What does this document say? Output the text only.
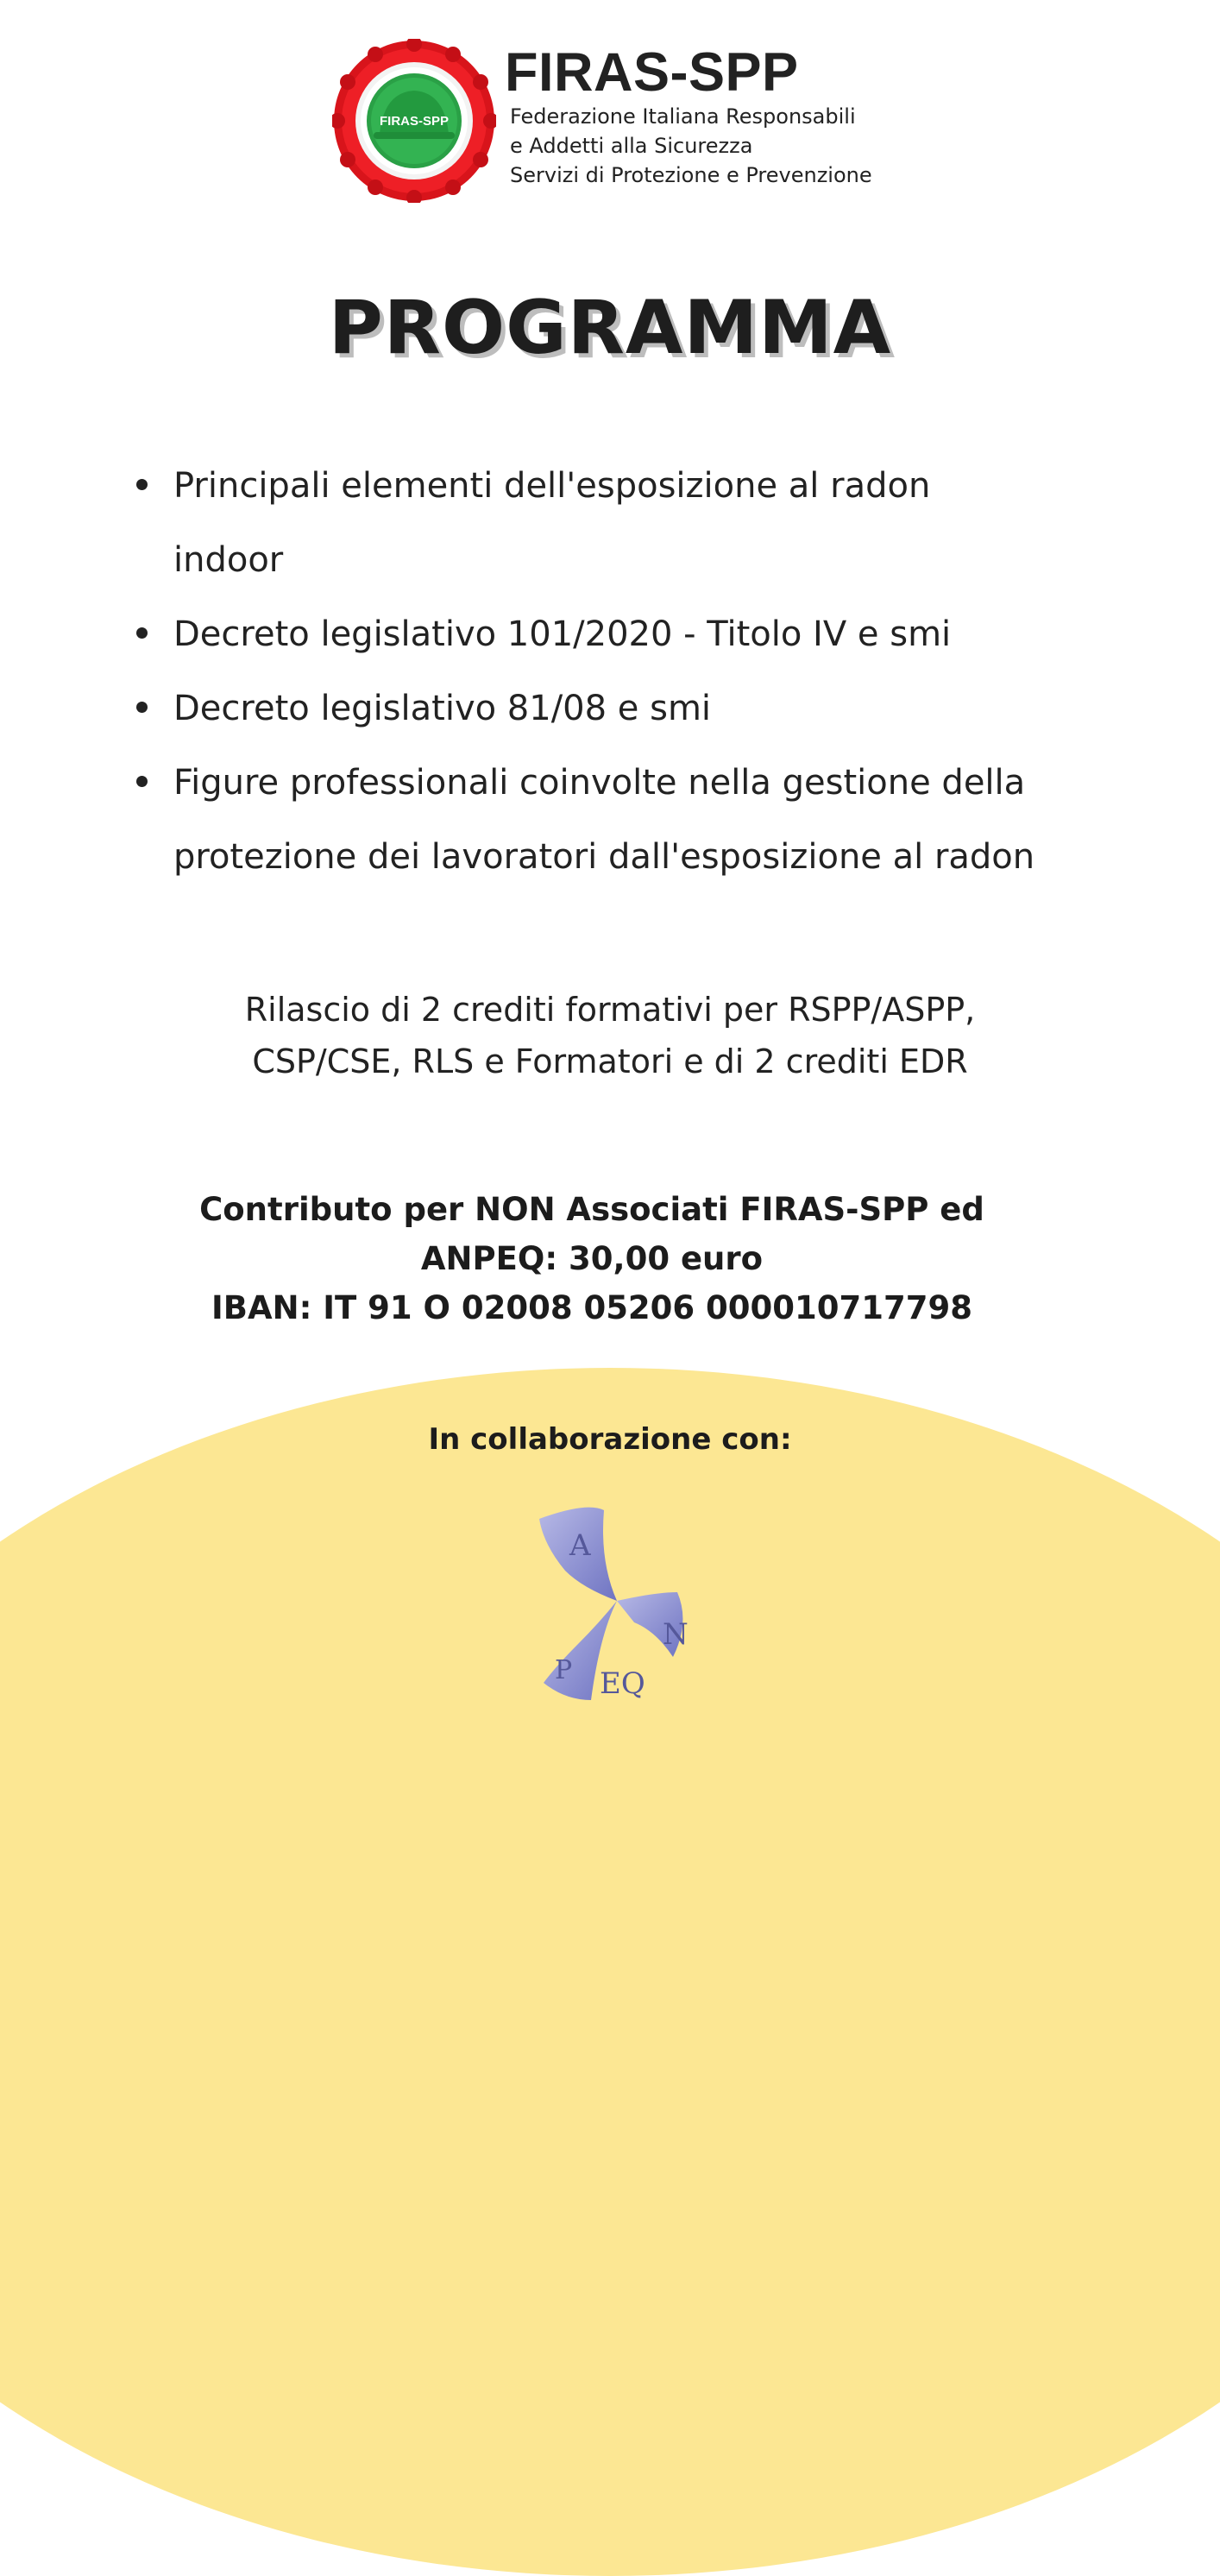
FIRAS-SPP
FIRAS-SPP
Federazione Italiana Responsabili
e Addetti alla Sicurezza
Servizi di Protezione e Prevenzione
PROGRAMMA
Principali elementi dell'esposizione al radon
indoor
Decreto legislativo 101/2020 - Titolo IV e smi
Decreto legislativo 81/08 e smi
Figure professionali coinvolte nella gestione della
protezione dei lavoratori dall'esposizione al radon
Rilascio di 2 crediti formativi per RSPP/ASPP,
CSP/CSE, RLS e Formatori e di 2 crediti EDR
Contributo per NON Associati FIRAS-SPP ed
ANPEQ: 30,00 euro
IBAN: IT 91 O 02008 05206 000010717798
In collaborazione con:
A
N
P EQ
